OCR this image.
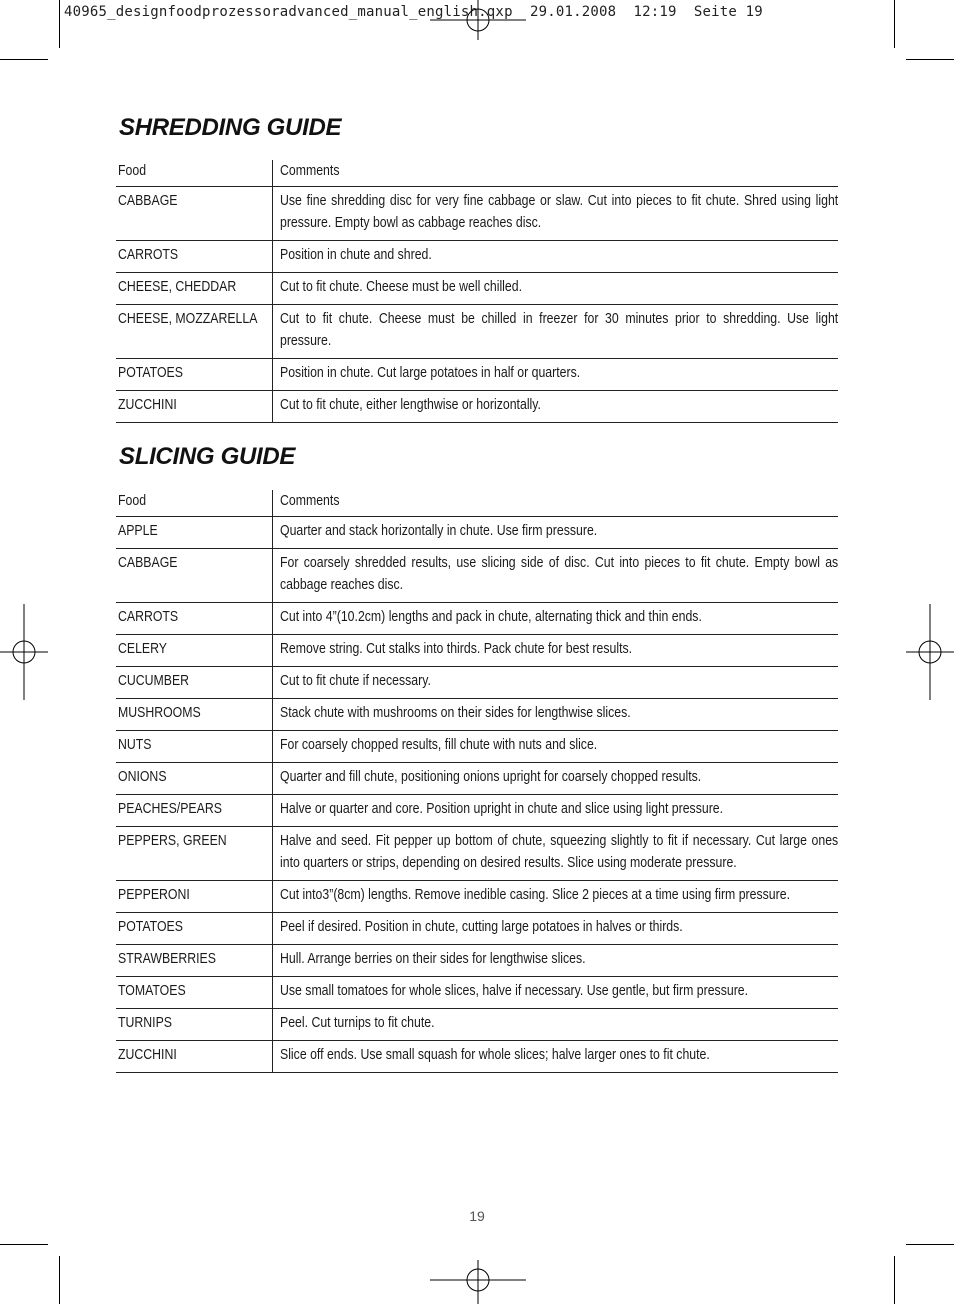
40965_designfoodprozessoradvanced_manual_english.qxp  29.01.2008  12:19  Seite 19
SHREDDING GUIDE
Food	Comments
CABBAGE	Use fine shredding disc for very fine cabbage or slaw. Cut into pieces to fit chute. Shred using light pressure. Empty bowl as cabbage reaches disc.

CARROTS	Position in chute and shred.

CHEESE, CHEDDAR	Cut to fit chute. Cheese must be well chilled.

CHEESE, MOZZARELLA	Cut to fit chute. Cheese must be chilled in freezer for 30 minutes prior to shredding. Use light pressure.

POTATOES	Position in chute. Cut large potatoes in half or quarters.

ZUCCHINI	Cut to fit chute, either lengthwise or horizontally.
SLICING GUIDE
Food	Comments
APPLE	Quarter and stack horizontally in chute. Use firm pressure.

CABBAGE	For coarsely shredded results, use slicing side of disc. Cut into pieces to fit chute. Empty bowl as cabbage reaches disc.

CARROTS	Cut into 4”(10.2cm) lengths and pack in chute, alternating thick and thin ends.

CELERY	Remove string. Cut stalks into thirds. Pack chute for best results.

CUCUMBER	Cut to fit chute if necessary.

MUSHROOMS	Stack chute with mushrooms on their sides for lengthwise slices.

NUTS	For coarsely chopped results, fill chute with nuts and slice.

ONIONS	Quarter and fill chute, positioning onions upright for coarsely chopped results.

PEACHES/PEARS	Halve or quarter and core. Position upright in chute and slice using light pressure.

PEPPERS, GREEN	Halve and seed. Fit pepper up bottom of chute, squeezing slightly to fit if necessary. Cut large ones into quarters or strips, depending on desired results. Slice using moderate pressure.

PEPPERONI	Cut into3”(8cm) lengths. Remove inedible casing. Slice 2 pieces at a time using firm pressure.

POTATOES	Peel if desired. Position in chute, cutting large potatoes in halves or thirds.

STRAWBERRIES	Hull. Arrange berries on their sides for lengthwise slices.

TOMATOES	Use small tomatoes for whole slices, halve if necessary. Use gentle, but firm pressure.

TURNIPS	Peel. Cut turnips to fit chute.

ZUCCHINI	Slice off ends. Use small squash for whole slices; halve larger ones to fit chute.
19
